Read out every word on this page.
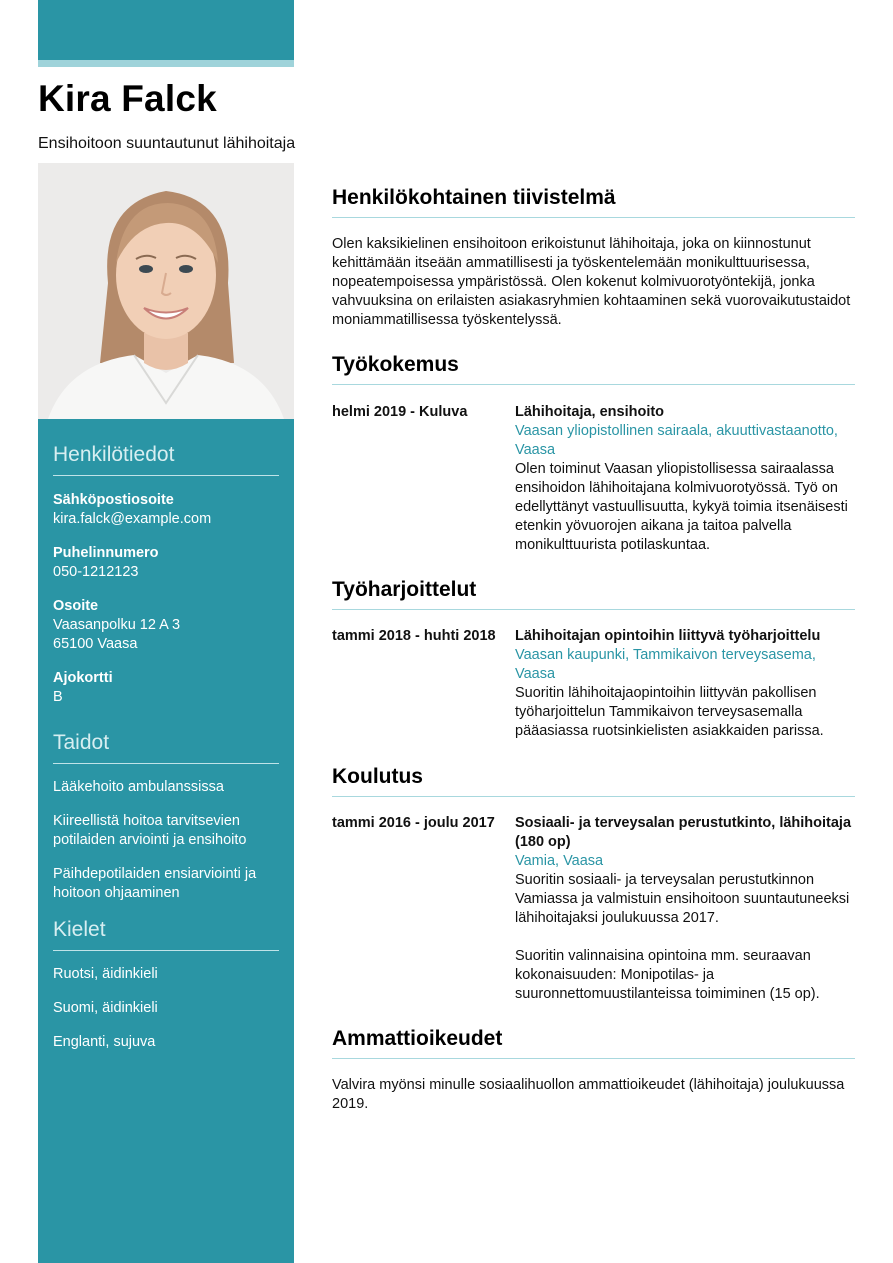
Kira Falck
Ensihoitoon suuntautunut lähihoitaja
Henkilötiedot
Sähköpostiosoite
kira.falck@example.com
Puhelinnumero
050-1212123
Osoite
Vaasanpolku 12 A 3
65100 Vaasa
Ajokortti
B
Taidot
Lääkehoito ambulanssissa
Kiireellistä hoitoa tarvitsevien potilaiden arviointi ja ensihoito
Päihdepotilaiden ensiarviointi ja hoitoon ohjaaminen
Kielet
Ruotsi, äidinkieli
Suomi, äidinkieli
Englanti, sujuva
Henkilökohtainen tiivistelmä

Olen kaksikielinen ensihoitoon erikoistunut lähihoitaja, joka on kiinnostunut kehittämään itseään ammatillisesti ja työskentelemään monikulttuurisessa, nopeatempoisessa ympäristössä. Olen kokenut kolmivuorotyöntekijä, jonka vahvuuksina on erilaisten asiakasryhmien kohtaaminen sekä vuorovaikutustaidot moniammatillisessa työskentelyssä.

Työkokemus
helmi 2019 - Kuluva	Lähihoitaja, ensihoito
Vaasan yliopistollinen sairaala, akuuttivastaanotto, Vaasa
Olen toiminut Vaasan yliopistollisessa sairaalassa ensihoidon lähihoitajana kolmivuorotyössä. Työ on edellyttänyt vastuullisuutta, kykyä toimia itsenäisesti etenkin yövuorojen aikana ja taitoa palvella monikulttuurista potilaskuntaa.
Työharjoittelut
tammi 2018 - huhti 2018	Lähihoitajan opintoihin liittyvä työharjoittelu
Vaasan kaupunki, Tammikaivon terveysasema, Vaasa
Suoritin lähihoitajaopintoihin liittyvän pakollisen työharjoittelun Tammikaivon terveysasemalla pääasiassa ruotsinkielisten asiakkaiden parissa.
Koulutus
tammi 2016 - joulu 2017	Sosiaali- ja terveysalan perustutkinto, lähihoitaja (180 op)
Vamia, Vaasa
Suoritin sosiaali- ja terveysalan perustutkinnon Vamiassa ja valmistuin ensihoitoon suuntautuneeksi lähihoitajaksi joulukuussa 2017.
Suoritin valinnaisina opintoina mm. seuraavan kokonaisuuden: Monipotilas- ja suuronnettomuustilanteissa toimiminen (15 op).
Ammattioikeudet

Valvira myönsi minulle sosiaalihuollon ammattioikeudet (lähihoitaja) joulukuussa 2019.
